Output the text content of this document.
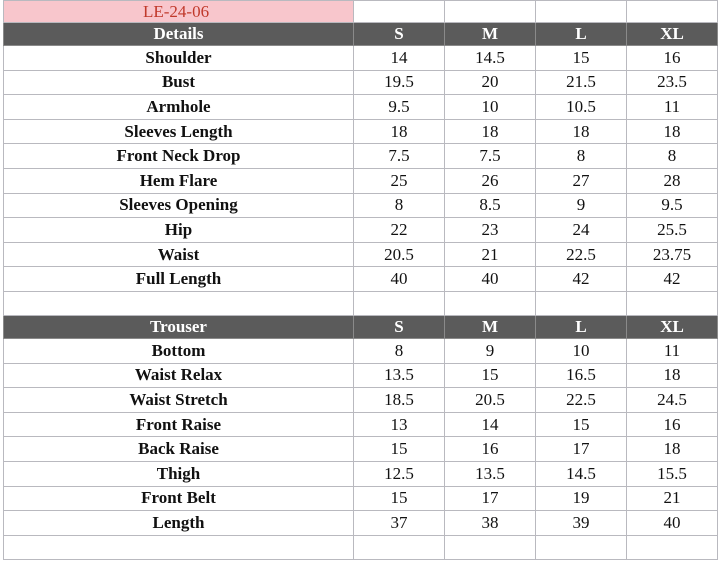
LE-24-06				
Details	S	M	L	XL
Shoulder	14	14.5	15	16
Bust	19.5	20	21.5	23.5
Armhole	9.5	10	10.5	11
Sleeves Length	18	18	18	18
Front Neck Drop	7.5	7.5	8	8
Hem Flare	25	26	27	28
Sleeves Opening	8	8.5	9	9.5
Hip	22	23	24	25.5
Waist	20.5	21	22.5	23.75
Full Length	40	40	42	42

Trouser	S	M	L	XL
Bottom	8	9	10	11
Waist Relax	13.5	15	16.5	18
Waist Stretch	18.5	20.5	22.5	24.5
Front Raise	13	14	15	16
Back Raise	15	16	17	18
Thigh	12.5	13.5	14.5	15.5
Front Belt	15	17	19	21
Length	37	38	39	40
